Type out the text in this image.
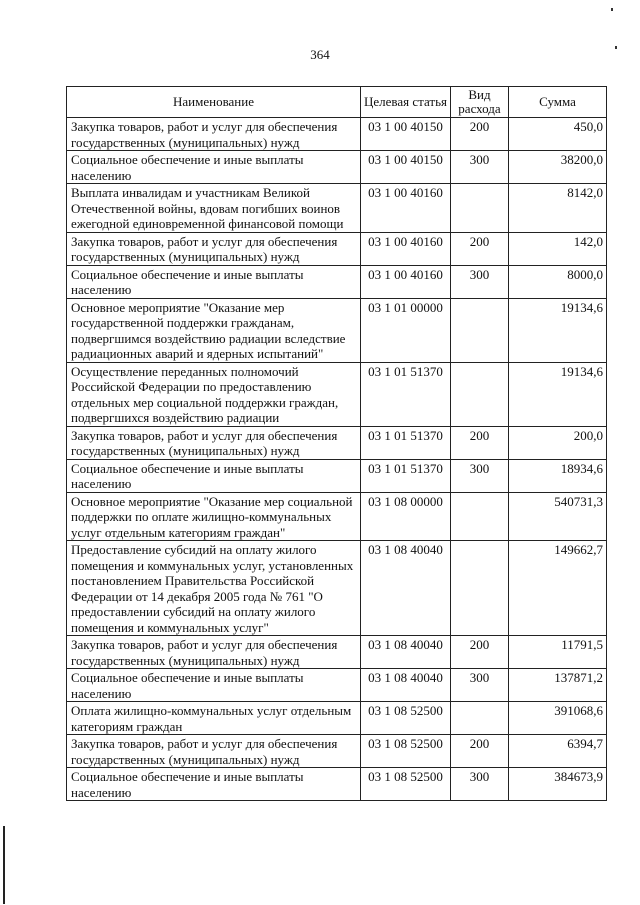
364
Наименование	Целевая статья	Вид расхода	Сумма
Закупка товаров, работ и услуг для обеспечения государственных (муниципальных) нужд	03 1 00 40150	200	450,0
Социальное обеспечение и иные выплаты населению	03 1 00 40150	300	38200,0
Выплата инвалидам и участникам Великой Отечественной войны, вдовам погибших воинов ежегодной единовременной финансовой помощи	03 1 00 40160		8142,0
Закупка товаров, работ и услуг для обеспечения государственных (муниципальных) нужд	03 1 00 40160	200	142,0
Социальное обеспечение и иные выплаты населению	03 1 00 40160	300	8000,0
Основное мероприятие "Оказание мер государственной поддержки гражданам, подвергшимся воздействию радиации вследствие радиационных аварий и ядерных испытаний"	03 1 01 00000		19134,6
Осуществление переданных полномочий Российской Федерации по предоставлению отдельных мер социальной поддержки граждан, подвергшихся воздействию радиации	03 1 01 51370		19134,6
Закупка товаров, работ и услуг для обеспечения государственных (муниципальных) нужд	03 1 01 51370	200	200,0
Социальное обеспечение и иные выплаты населению	03 1 01 51370	300	18934,6
Основное мероприятие "Оказание мер социальной поддержки по оплате жилищно-коммунальных услуг отдельным категориям граждан"	03 1 08 00000		540731,3
Предоставление субсидий на оплату жилого помещения и коммунальных услуг, установленных постановлением Правительства Российской Федерации от 14 декабря 2005 года № 761 "О предоставлении субсидий на оплату жилого помещения и коммунальных услуг"	03 1 08 40040		149662,7
Закупка товаров, работ и услуг для обеспечения государственных (муниципальных) нужд	03 1 08 40040	200	11791,5
Социальное обеспечение и иные выплаты населению	03 1 08 40040	300	137871,2
Оплата жилищно-коммунальных услуг отдельным категориям граждан	03 1 08 52500		391068,6
Закупка товаров, работ и услуг для обеспечения государственных (муниципальных) нужд	03 1 08 52500	200	6394,7
Социальное обеспечение и иные выплаты населению	03 1 08 52500	300	384673,9
